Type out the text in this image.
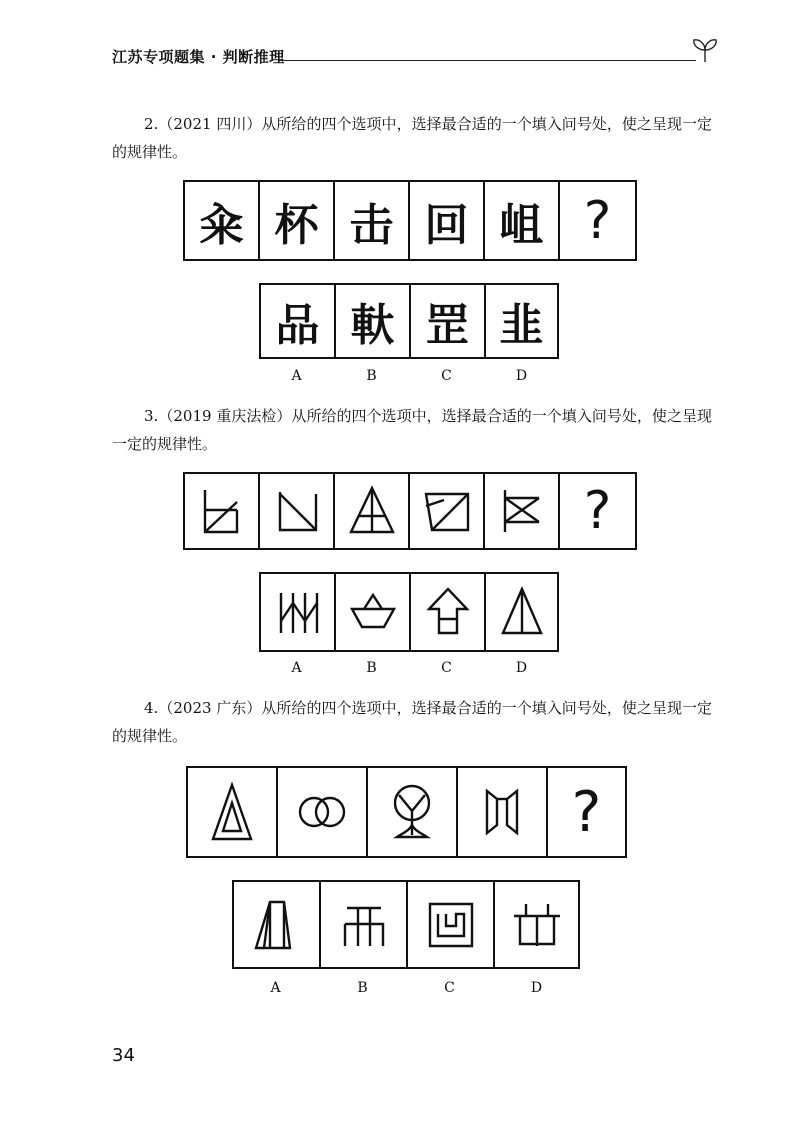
江苏专项题集 · 判断推理
2.（2021 四川）从所给的四个选项中，选择最合适的一个填入问号处，使之呈现一定的规律性。
籴 杯 击 回 岨 ?
品 軑 罡 韭
A	B	C	D
3.（2019 重庆法检）从所给的四个选项中，选择最合适的一个填入问号处，使之呈现一定的规律性。
?
A	B	C	D
4.（2023 广东）从所给的四个选项中，选择最合适的一个填入问号处，使之呈现一定的规律性。
?
A	B	C	D
34
